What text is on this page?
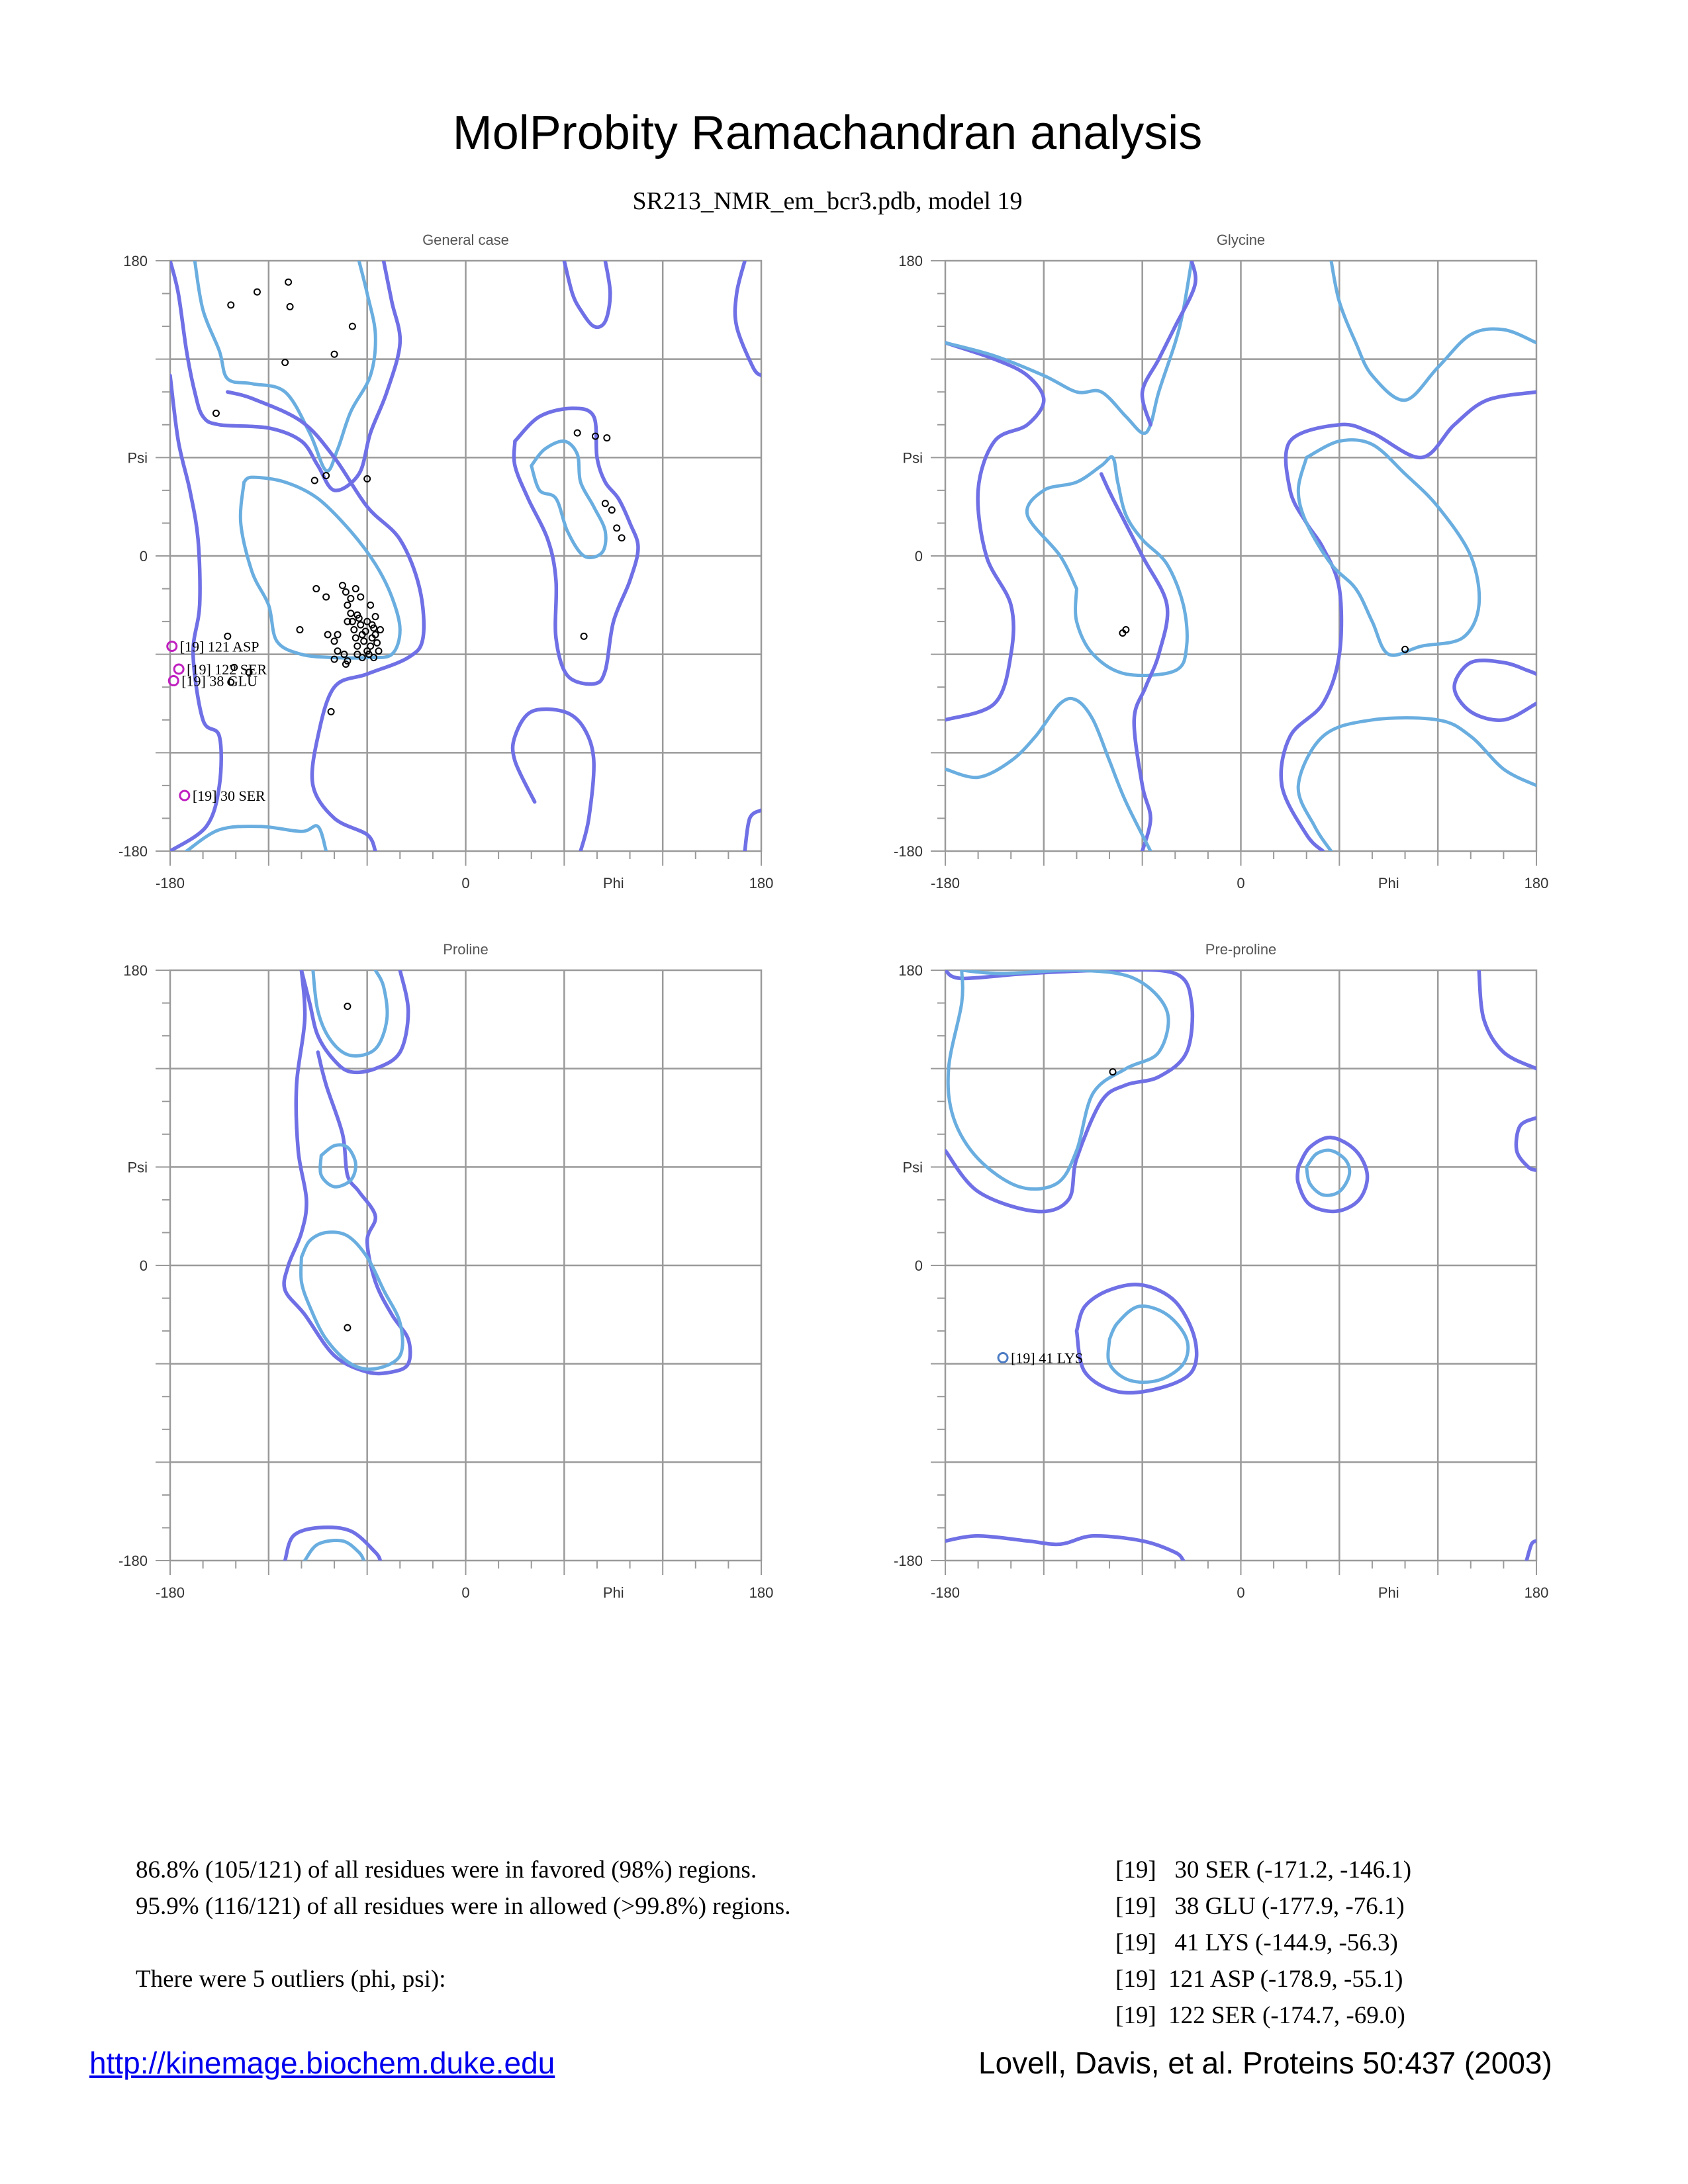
MolProbity Ramachandran analysis
SR213_NMR_em_bcr3.pdb, model 19
General case
180
0
-180
Psi
-180	0	180
Phi
[19] 121 ASP
[19] 122 SER
[19] 38 GLU
[19] 30 SER
Glycine
180
0
-180
Psi
-180	0	180
Phi
Proline
180
0
-180
Psi
-180	0	180
Phi
Pre-proline
180
0
-180
Psi
-180	0	180
Phi
[19] 41 LYS
86.8% (105/121) of all residues were in favored (98%) regions.
95.9% (116/121) of all residues were in allowed (>99.8%) regions.
There were 5 outliers (phi, psi):
[19]   30 SER (-171.2, -146.1)
[19]   38 GLU (-177.9, -76.1)
[19]   41 LYS (-144.9, -56.3)
[19]  121 ASP (-178.9, -55.1)
[19]  122 SER (-174.7, -69.0)
http://kinemage.biochem.duke.edu	Lovell, Davis, et al. Proteins 50:437 (2003)
